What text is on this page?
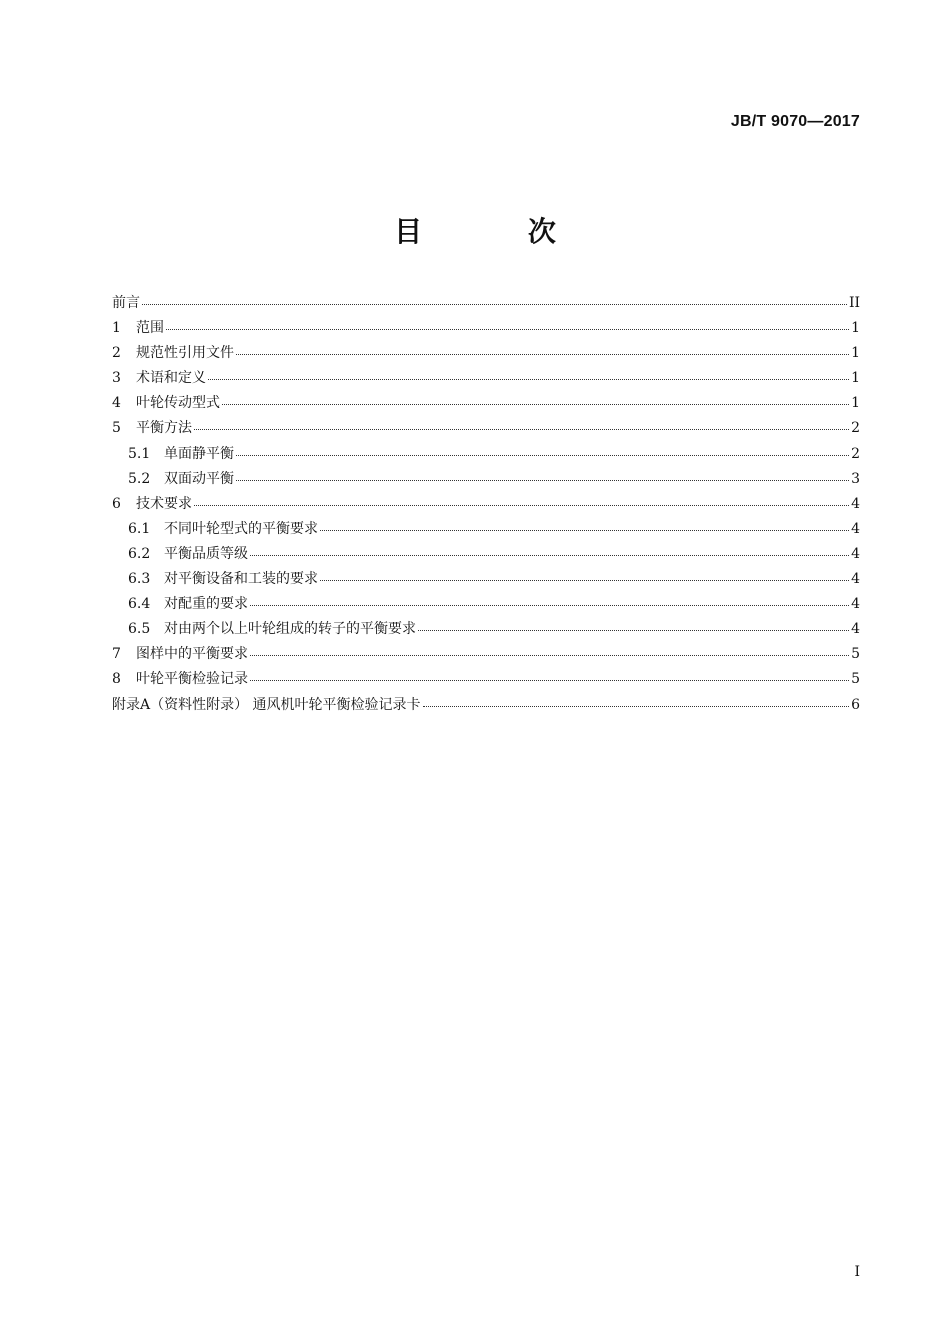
JB/T 9070—2017
目 次
前言	II
1	范围	1
2	规范性引用文件	1
3	术语和定义	1
4	叶轮传动型式	1
5	平衡方法	2
5.1 单面静平衡	2
5.2 双面动平衡	3
6	技术要求	4
6.1 不同叶轮型式的平衡要求	4
6.2 平衡品质等级	4
6.3 对平衡设备和工装的要求	4
6.4 对配重的要求	4
6.5 对由两个以上叶轮组成的转子的平衡要求	4
7	图样中的平衡要求	5
8	叶轮平衡检验记录	5
附录A（资料性附录） 通风机叶轮平衡检验记录卡	6
I
